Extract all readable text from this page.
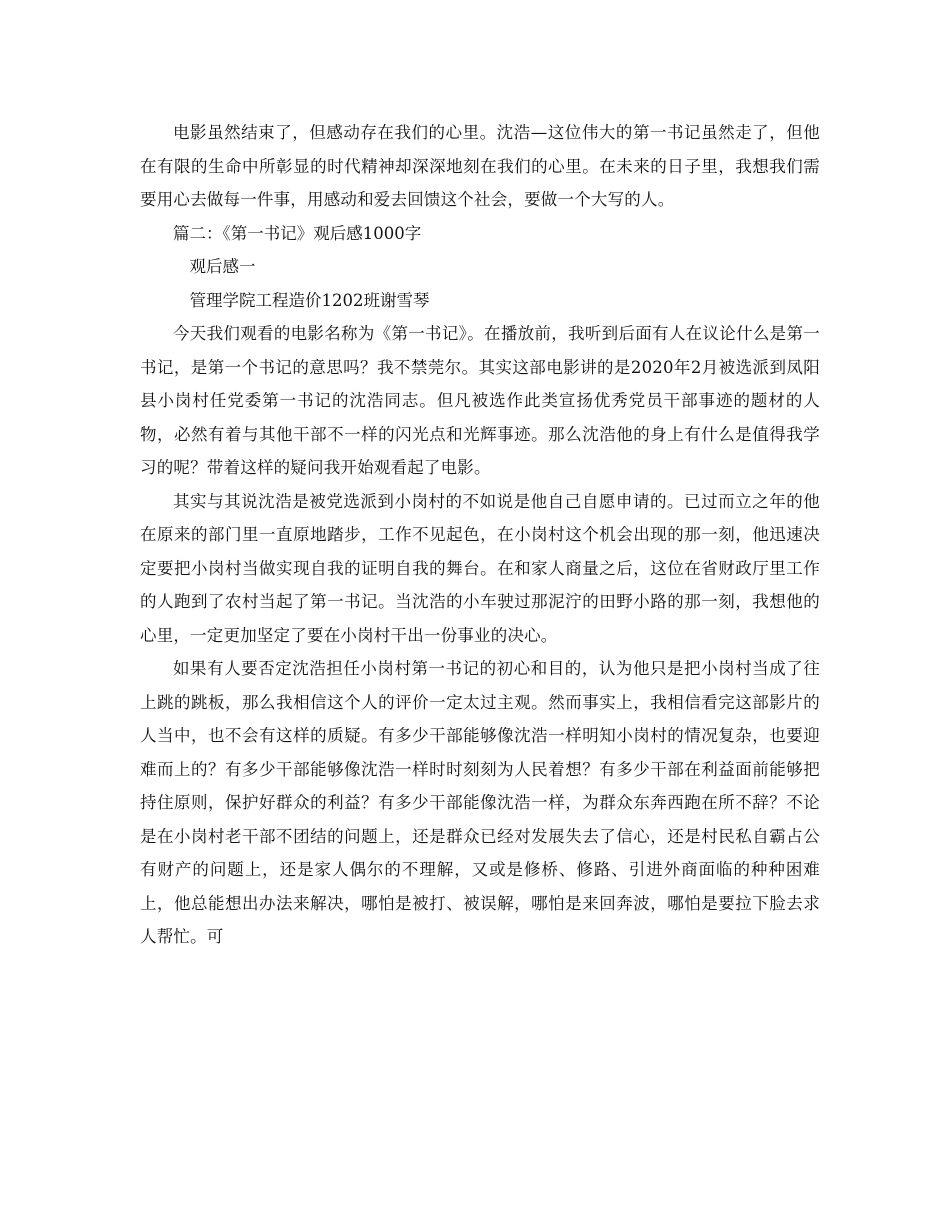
电影虽然结束了，但感动存在我们的心里。沈浩—这位伟大的第一书记虽然走了，但他在有限的生命中所彰显的时代精神却深深地刻在我们的心里。在未来的日子里，我想我们需要用心去做每一件事，用感动和爱去回馈这个社会，要做一个大写的人。

篇二：《第一书记》观后感1000字

观后感一

管理学院工程造价1202班谢雪琴

今天我们观看的电影名称为《第一书记》。在播放前，我听到后面有人在议论什么是第一书记，是第一个书记的意思吗？我不禁莞尔。其实这部电影讲的是2020年2月被选派到凤阳县小岗村任党委第一书记的沈浩同志。但凡被选作此类宣扬优秀党员干部事迹的题材的人物，必然有着与其他干部不一样的闪光点和光辉事迹。那么沈浩他的身上有什么是值得我学习的呢？带着这样的疑问我开始观看起了电影。

其实与其说沈浩是被党选派到小岗村的不如说是他自己自愿申请的。已过而立之年的他在原来的部门里一直原地踏步，工作不见起色，在小岗村这个机会出现的那一刻，他迅速决定要把小岗村当做实现自我的证明自我的舞台。在和家人商量之后，这位在省财政厅里工作的人跑到了农村当起了第一书记。当沈浩的小车驶过那泥泞的田野小路的那一刻，我想他的心里，一定更加坚定了要在小岗村干出一份事业的决心。

如果有人要否定沈浩担任小岗村第一书记的初心和目的，认为他只是把小岗村当成了往上跳的跳板，那么我相信这个人的评价一定太过主观。然而事实上，我相信看完这部影片的人当中，也不会有这样的质疑。有多少干部能够像沈浩一样明知小岗村的情况复杂，也要迎难而上的？有多少干部能够像沈浩一样时时刻刻为人民着想？有多少干部在利益面前能够把持住原则，保护好群众的利益？有多少干部能像沈浩一样，为群众东奔西跑在所不辞？不论是在小岗村老干部不团结的问题上，还是群众已经对发展失去了信心，还是村民私自霸占公有财产的问题上，还是家人偶尔的不理解，又或是修桥、修路、引进外商面临的种种困难上，他总能想出办法来解决，哪怕是被打、被误解，哪怕是来回奔波，哪怕是要拉下脸去求人帮忙。可
